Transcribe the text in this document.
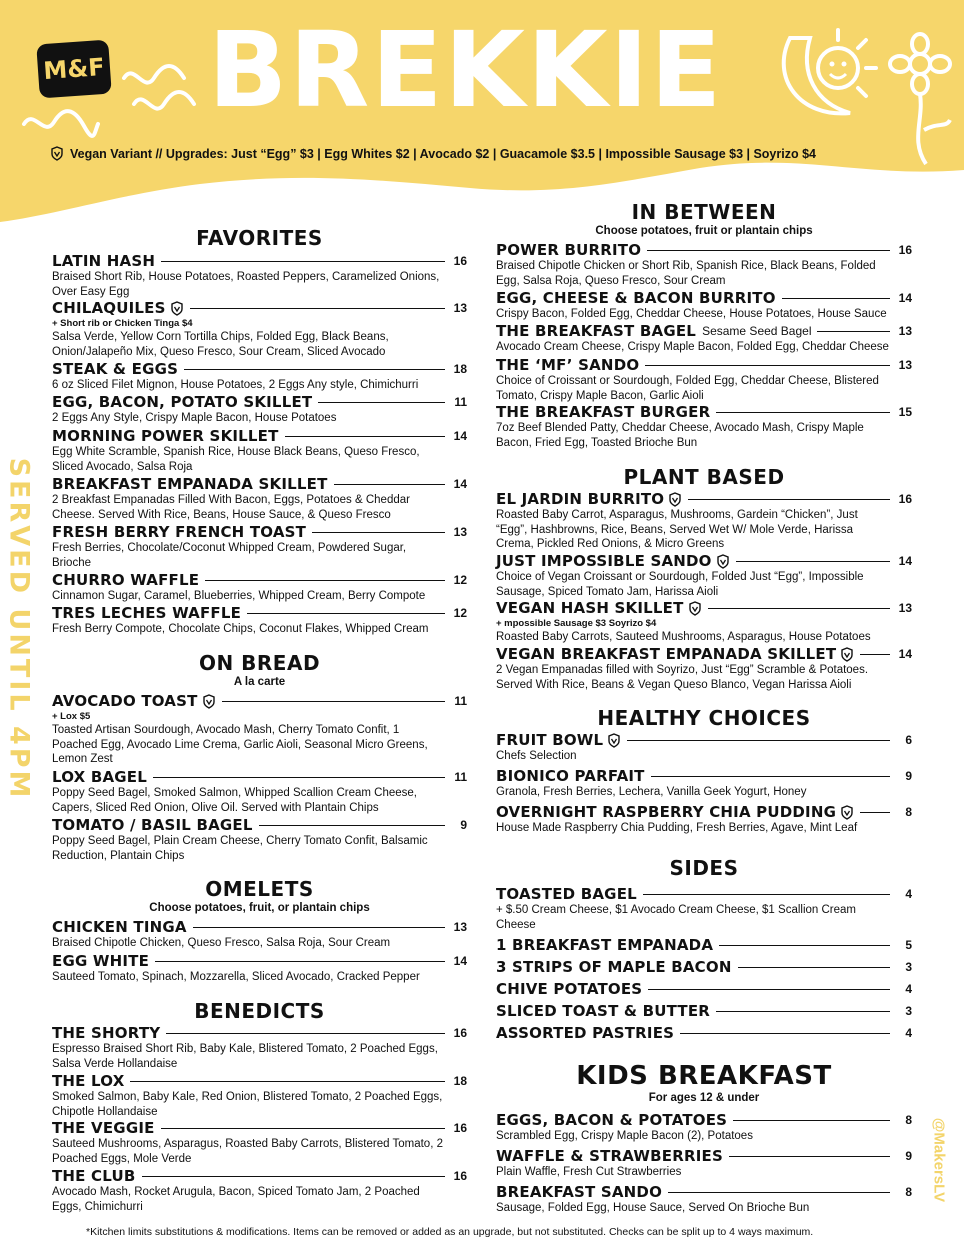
M&F BREKKIE
Vegan Variant // Upgrades: Just “Egg” $3 | Egg Whites $2 | Avocado $2 | Guacamole $3.5 | Impossible Sausage $3 | Soyrizo $4
SERVED UNTIL 4PM
@MakersLV
FAVORITES
ON BREAD
A la carte
OMELETS
Choose potatoes, fruit, or plantain chips
BENEDICTS
IN BETWEEN
Choose potatoes, fruit or plantain chips
PLANT BASED
HEALTHY CHOICES
SIDES
KIDS BREAKFAST
For ages 12 & under
LATIN HASH	16
Braised Short Rib, House Potatoes, Roasted Peppers, Caramelized Onions, Over Easy Egg
CHILAQUILES	13
+ Short rib or Chicken Tinga $4
Salsa Verde, Yellow Corn Tortilla Chips, Folded Egg, Black Beans, Onion/Jalapeño Mix, Queso Fresco, Sour Cream, Sliced Avocado
STEAK & EGGS	18
6 oz Sliced Filet Mignon, House Potatoes, 2 Eggs Any style, Chimichurri
EGG, BACON, POTATO SKILLET	11
2 Eggs Any Style, Crispy Maple Bacon, House Potatoes
MORNING POWER SKILLET	14
Egg White Scramble, Spanish Rice, House Black Beans, Queso Fresco, Sliced Avocado, Salsa Roja
BREAKFAST EMPANADA SKILLET	14
2 Breakfast Empanadas Filled With Bacon, Eggs, Potatoes & Cheddar Cheese. Served With Rice, Beans, House Sauce, & Queso Fresco
FRESH BERRY FRENCH TOAST	13
Fresh Berries, Chocolate/Coconut Whipped Cream, Powdered Sugar, Brioche
CHURRO WAFFLE	12
Cinnamon Sugar, Caramel, Blueberries, Whipped Cream, Berry Compote
TRES LECHES WAFFLE	12
Fresh Berry Compote, Chocolate Chips, Coconut Flakes, Whipped Cream
AVOCADO TOAST	11
+ Lox $5
Toasted Artisan Sourdough, Avocado Mash, Cherry Tomato Confit, 1 Poached Egg, Avocado Lime Crema, Garlic Aioli, Seasonal Micro Greens, Lemon Zest
LOX BAGEL	11
Poppy Seed Bagel, Smoked Salmon, Whipped Scallion Cream Cheese, Capers, Sliced Red Onion, Olive Oil. Served with Plantain Chips
TOMATO / BASIL BAGEL	9
Poppy Seed Bagel, Plain Cream Cheese, Cherry Tomato Confit, Balsamic Reduction, Plantain Chips
CHICKEN TINGA	13
Braised Chipotle Chicken, Queso Fresco, Salsa Roja, Sour Cream
EGG WHITE	14
Sauteed Tomato, Spinach, Mozzarella, Sliced Avocado, Cracked Pepper
THE SHORTY	16
Espresso Braised Short Rib, Baby Kale, Blistered Tomato, 2 Poached Eggs, Salsa Verde Hollandaise
THE LOX	18
Smoked Salmon, Baby Kale, Red Onion, Blistered Tomato, 2 Poached Eggs, Chipotle Hollandaise
THE VEGGIE	16
Sauteed Mushrooms, Asparagus, Roasted Baby Carrots, Blistered Tomato, 2 Poached Eggs, Mole Verde
THE CLUB	16
Avocado Mash, Rocket Arugula, Bacon, Spiced Tomato Jam, 2 Poached Eggs, Chimichurri
POWER BURRITO	16
Braised Chipotle Chicken or Short Rib, Spanish Rice, Black Beans, Folded Egg, Salsa Roja, Queso Fresco, Sour Cream
EGG, CHEESE & BACON BURRITO	14
Crispy Bacon, Folded Egg, Cheddar Cheese, House Potatoes, House Sauce
THE BREAKFAST BAGEL Sesame Seed Bagel	13
Avocado Cream Cheese, Crispy Maple Bacon, Folded Egg, Cheddar Cheese
THE ‘MF’ SANDO	13
Choice of Croissant or Sourdough, Folded Egg, Cheddar Cheese, Blistered Tomato, Crispy Maple Bacon, Garlic Aioli
THE BREAKFAST BURGER	15
7oz Beef Blended Patty, Cheddar Cheese, Avocado Mash, Crispy Maple Bacon, Fried Egg, Toasted Brioche Bun
EL JARDIN BURRITO	16
Roasted Baby Carrot, Asparagus, Mushrooms, Gardein “Chicken”, Just “Egg”, Hashbrowns, Rice, Beans, Served Wet W/ Mole Verde, Harissa Crema, Pickled Red Onions, & Micro Greens
JUST IMPOSSIBLE SANDO	14
Choice of Vegan Croissant or Sourdough, Folded Just “Egg”, Impossible Sausage, Spiced Tomato Jam, Harissa Aioli
VEGAN HASH SKILLET	13
+ mpossible Sausage $3 Soyrizo $4
Roasted Baby Carrots, Sauteed Mushrooms, Asparagus, House Potatoes
VEGAN BREAKFAST EMPANADA SKILLET	14
2 Vegan Empanadas filled with Soyrizo, Just “Egg” Scramble & Potatoes. Served With Rice, Beans & Vegan Queso Blanco, Vegan Harissa Aioli
FRUIT BOWL	6
Chefs Selection
BIONICO PARFAIT	9
Granola, Fresh Berries, Lechera, Vanilla Geek Yogurt, Honey
OVERNIGHT RASPBERRY CHIA PUDDING	8
House Made Raspberry Chia Pudding, Fresh Berries, Agave, Mint Leaf
TOASTED BAGEL	4
+ $.50 Cream Cheese, $1 Avocado Cream Cheese, $1 Scallion Cream Cheese
1 BREAKFAST EMPANADA	5
3 STRIPS OF MAPLE BACON	3
CHIVE POTATOES	4
SLICED TOAST & BUTTER	3
ASSORTED PASTRIES	4
EGGS, BACON & POTATOES	8
Scrambled Egg, Crispy Maple Bacon (2), Potatoes
WAFFLE & STRAWBERRIES	9
Plain Waffle, Fresh Cut Strawberries
BREAKFAST SANDO	8
Sausage, Folded Egg, House Sauce, Served On Brioche Bun
*Kitchen limits substitutions & modifications. Items can be removed or added as an upgrade, but not substituted. Checks can be split up to 4 ways maximum.
